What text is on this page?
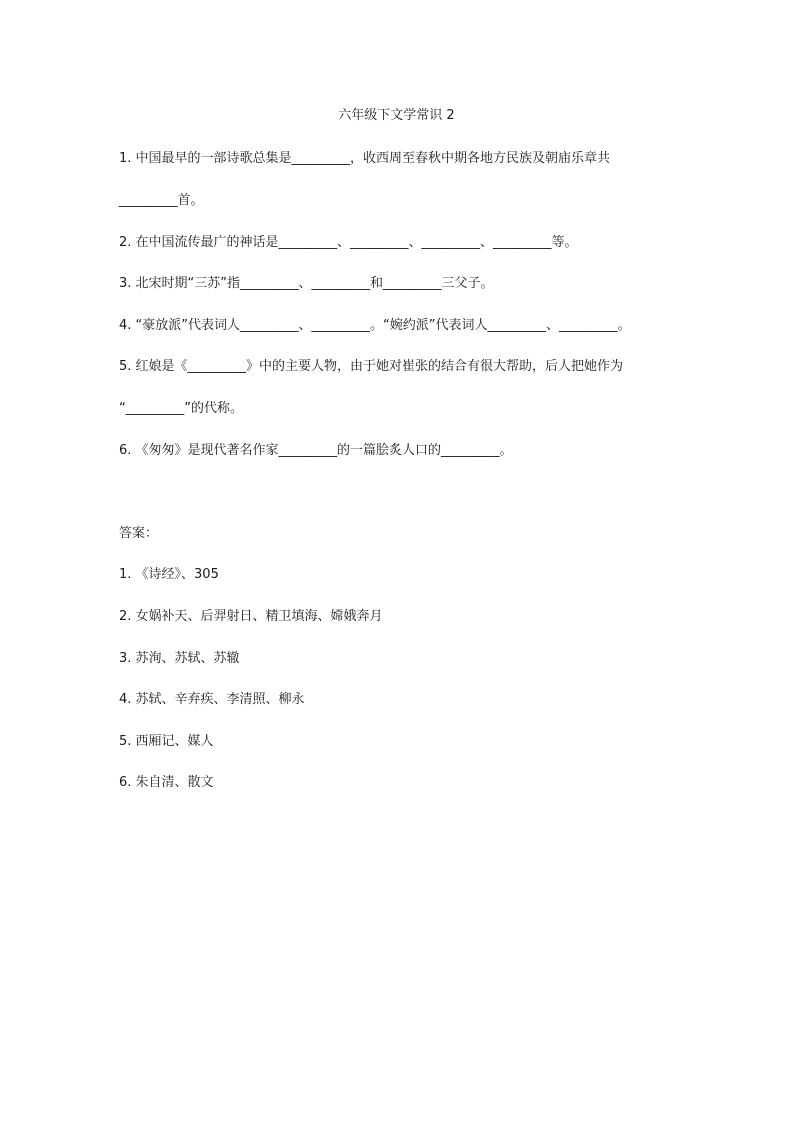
六年级下文学常识 2
1. 中国最早的一部诗歌总集是_________，收西周至春秋中期各地方民族及朝庙乐章共
_________首。
2. 在中国流传最广的神话是_________、_________、_________、_________等。
3. 北宋时期“三苏”指_________、_________和_________三父子。
4. “豪放派”代表词人_________、_________。“婉约派”代表词人_________、_________。
5. 红娘是《_________》中的主要人物，由于她对崔张的结合有很大帮助，后人把她作为
“_________”的代称。
6. 《匆匆》是现代著名作家_________的一篇脍炙人口的_________。
答案：
1. 《诗经》、305
2. 女娲补天、后羿射日、精卫填海、嫦娥奔月
3. 苏洵、苏轼、苏辙
4. 苏轼、辛弃疾、李清照、柳永
5. 西厢记、媒人
6. 朱自清、散文
